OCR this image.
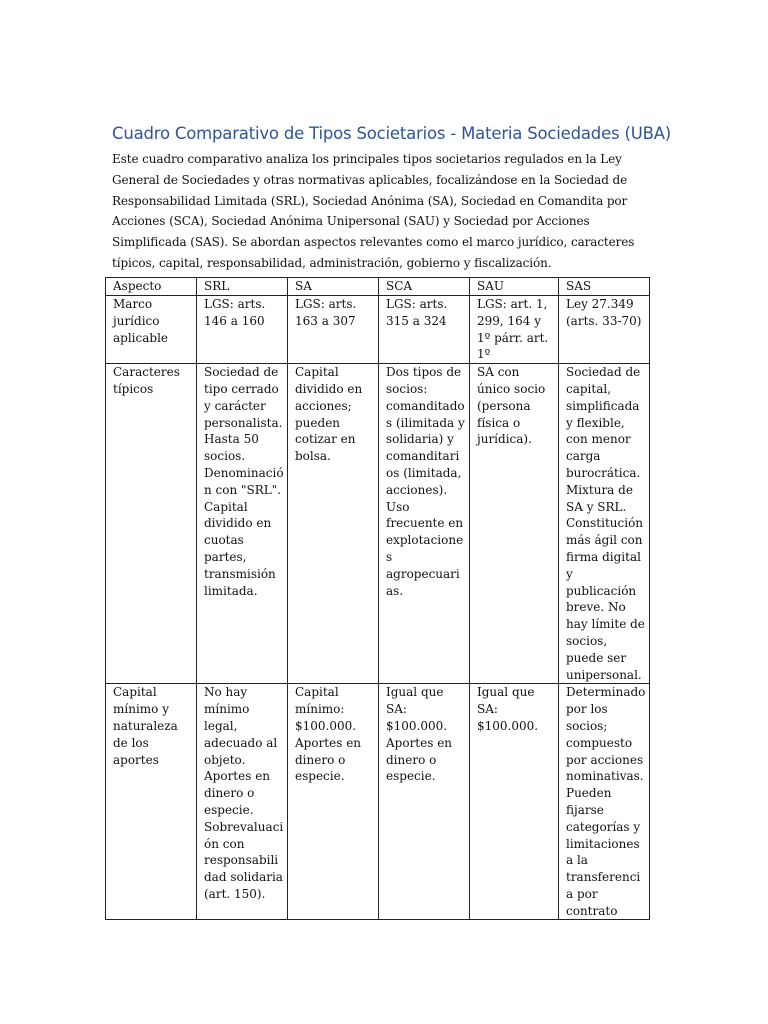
Cuadro Comparativo de Tipos Societarios - Materia Sociedades (UBA)
Este cuadro comparativo analiza los principales tipos societarios regulados en la Ley General de Sociedades y otras normativas aplicables, focalizándose en la Sociedad de Responsabilidad Limitada (SRL), Sociedad Anónima (SA), Sociedad en Comandita por Acciones (SCA), Sociedad Anónima Unipersonal (SAU) y Sociedad por Acciones Simplificada (SAS). Se abordan aspectos relevantes como el marco jurídico, caracteres típicos, capital, responsabilidad, administración, gobierno y fiscalización.
Aspecto	SRL	SA	SCA	SAU	SAS
Marco jurídico aplicable	LGS: arts. 146 a 160	LGS: arts. 163 a 307	LGS: arts. 315 a 324	LGS: art. 1, 299, 164 y 1º párr. art. 1º	Ley 27.349 (arts. 33-70)
Caracteres típicos	Sociedad de tipo cerrado y carácter personalista. Hasta 50 socios. Denominación con "SRL". Capital dividido en cuotas partes, transmisión limitada.	Capital dividido en acciones; pueden cotizar en bolsa.	Dos tipos de socios: comanditados (ilimitada y solidaria) y comanditarios (limitada, acciones). Uso frecuente en explotaciones agropecuarias.	SA con único socio (persona física o jurídica).	Sociedad de capital, simplificada y flexible, con menor carga burocrática. Mixtura de SA y SRL. Constitución más ágil con firma digital y publicación breve. No hay límite de socios, puede ser unipersonal.
Capital mínimo y naturaleza de los aportes	No hay mínimo legal, adecuado al objeto. Aportes en dinero o especie. Sobrevaluación con responsabilidad solidaria (art. 150).	Capital mínimo: $100.000. Aportes en dinero o especie.	Igual que SA: $100.000. Aportes en dinero o especie.	Igual que SA: $100.000.	Determinado por los socios; compuesto por acciones nominativas. Pueden fijarse categorías y limitaciones a la transferencia por contrato
